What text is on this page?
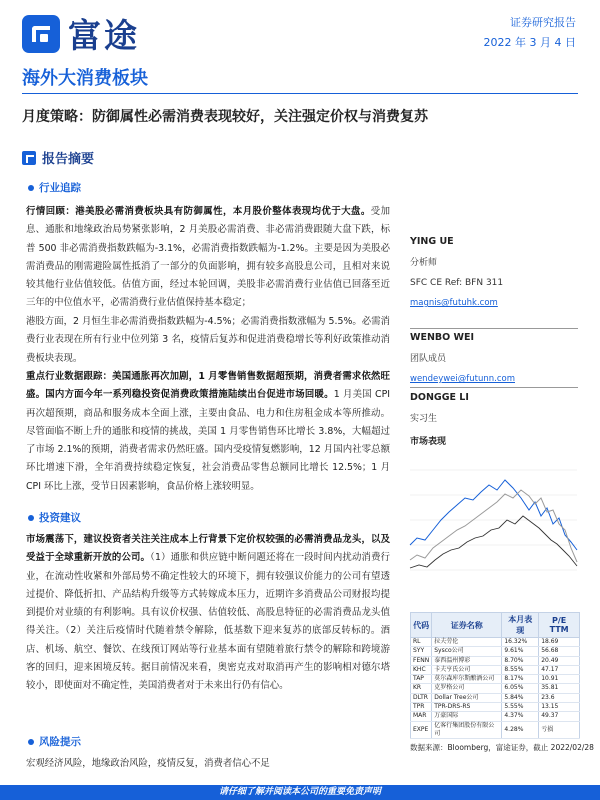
富途	证券研究报告
2022 年 3 月 4 日
海外大消费板块
月度策略：防御属性必需消费表现较好，关注强定价权与消费复苏
报告摘要
行业追踪
行情回顾：港美股必需消费板块具有防御属性，本月股价整体表现均优于大盘。受加息、通胀和地缘政治局势紧张影响，2 月美股必需消费、非必需消费跟随大盘下跌，标普 500 非必需消费指数跌幅为-3.1%，必需消费指数跌幅为-1.2%。主要是因为美股必需消费品的刚需避险属性抵消了一部分的负面影响，拥有较多高股息公司，且相对来说较其他行业估值较低。估值方面，经过本轮回调，美股非必需消费行业估值已回落至近三年的中位值水平，必需消费行业估值保持基本稳定；
港股方面，2 月恒生非必需消费指数跌幅为-4.5%；必需消费指数涨幅为 5.5%。必需消费行业表现在所有行业中位列第 3 名，疫情后复苏和促进消费稳增长等利好政策推动消费板块表现。
重点行业数据跟踪：美国通胀再次加剧，1 月零售销售数据超预期，消费者需求依然旺盛。国内方面今年一系列稳投资促消费政策措施陆续出台促进市场回暖。1 月美国 CPI 再次超预期，商品和服务成本全面上涨，主要由食品、电力和住房租金成本等所推动。尽管面临不断上升的通胀和疫情的挑战，美国 1 月零售销售环比增长 3.8%，大幅超过了市场 2.1%的预期，消费者需求仍然旺盛。国内受疫情复燃影响，12 月国内社零总额环比增速下滑，全年消费持续稳定恢复，社会消费品零售总额同比增长 12.5%；1 月 CPI 环比上涨，受节日因素影响，食品价格上涨较明显。
投资建议
市场震荡下，建议投资者关注关注成本上行背景下定价权较强的必需消费品龙头，以及受益于全球重新开放的公司。（1）通胀和供应链中断问题还将在一段时间内扰动消费行业，在流动性收紧和外部局势不确定性较大的环境下，拥有较强议价能力的公司有望透过提价、降低折扣、产品结构升级等方式转嫁成本压力，近期许多消费品公司财报均提到提价对业绩的有利影响。具有议价权强、估值较低、高股息特征的必需消费品龙头值得关注。（2）关注后疫情时代随着禁令解除，低基数下迎来复苏的底部反转标的。酒店、机场、航空、餐饮、在线预订网站等行业基本面有望随着旅行禁令的解除和跨境游客的回归，迎来困境反转。据目前情况来看，奥密克戎对取消再产生的影响相对德尔塔较小，即使面对不确定性，美国消费者对于未来出行仍有信心。
风险提示
宏观经济风险，地缘政治风险，疫情反复，消费者信心不足
YING UE
分析师
SFC CE Ref: BFN 311
magnis@futuhk.com
WENBO WEI
团队成员
wendeywei@futunn.com
DONGGE LI
实习生
市场表现
代码	证券名称	本月表现	P/E TTM
RL	拉夫劳伦	16.32%	18.69
SYY	Sysco公司	9.61%	56.68
FENN	泰西温州博彩	8.70%	20.49
KHC	卡夫亨氏公司	8.55%	47.17
TAP	莫尔森库尔斯酿酒公司	8.17%	10.91
KR	克罗格公司	6.05%	35.81
DLTR	Dollar Tree公司	5.84%	23.6
TPR	TPR-DRS-RS	5.55%	13.15
MAR	万豪国际	4.37%	49.37
EXPE	亿客行集团股份有限公司	4.28%	亏损
数据来源：Bloomberg，富途证券，截止 2022/02/28
请仔细了解并阅读本公司的重要免责声明
